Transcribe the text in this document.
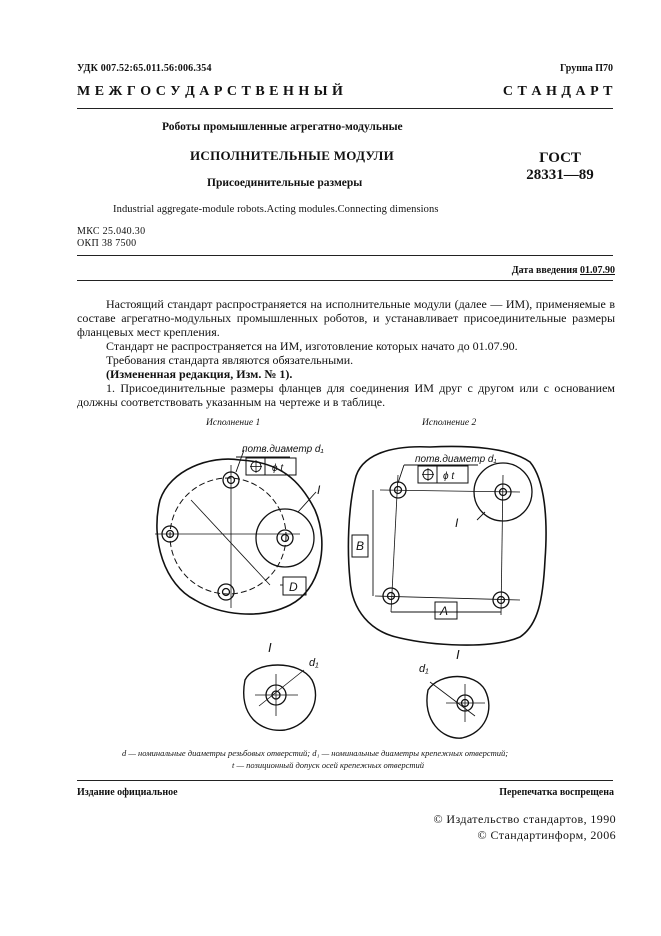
УДК 007.52:65.011.56:006.354	Группа П70
М Е Ж Г О С У Д А Р С Т В Е Н Н Ы Й	С Т А Н Д А Р Т
Роботы промышленные агрегатно-модульные
ИСПОЛНИТЕЛЬНЫЕ МОДУЛИ
Присоединительные размеры
ГОСТ
28331—89
Industrial aggregate-module robots.Acting modules.Connecting dimensions
МКС 25.040.30
ОКП 38 7500
Дата введения 01.07.90
Настоящий стандарт распространяется на исполнительные модули (далее — ИМ), применяемые в составе агрегатно-модульных промышленных роботов, и устанавливает присоединительные размеры фланцевых мест крепления.
Стандарт не распространяется на ИМ, изготовление которых начато до 01.07.90.
Требования стандарта являются обязательными.
(Измененная редакция, Изм. № 1).
1. Присоединительные размеры фланцев для соединения ИМ друг с другом или с основанием должны соответствовать указанным на чертеже и в таблице.
Исполнение 1	Исполнение 2
потв.диаметр d₁
ϕ t
потв.диаметр d₁
ϕ t
I
I
D
A
B
I	I
d₁	d₁
d — номинальные диаметры резьбовых отверстий; d₁ — номинальные диаметры крепежных отверстий;
t — позиционный допуск осей крепежных отверстий
Издание официальное	Перепечатка воспрещена
© Издательство стандартов, 1990
© Стандартинформ, 2006
